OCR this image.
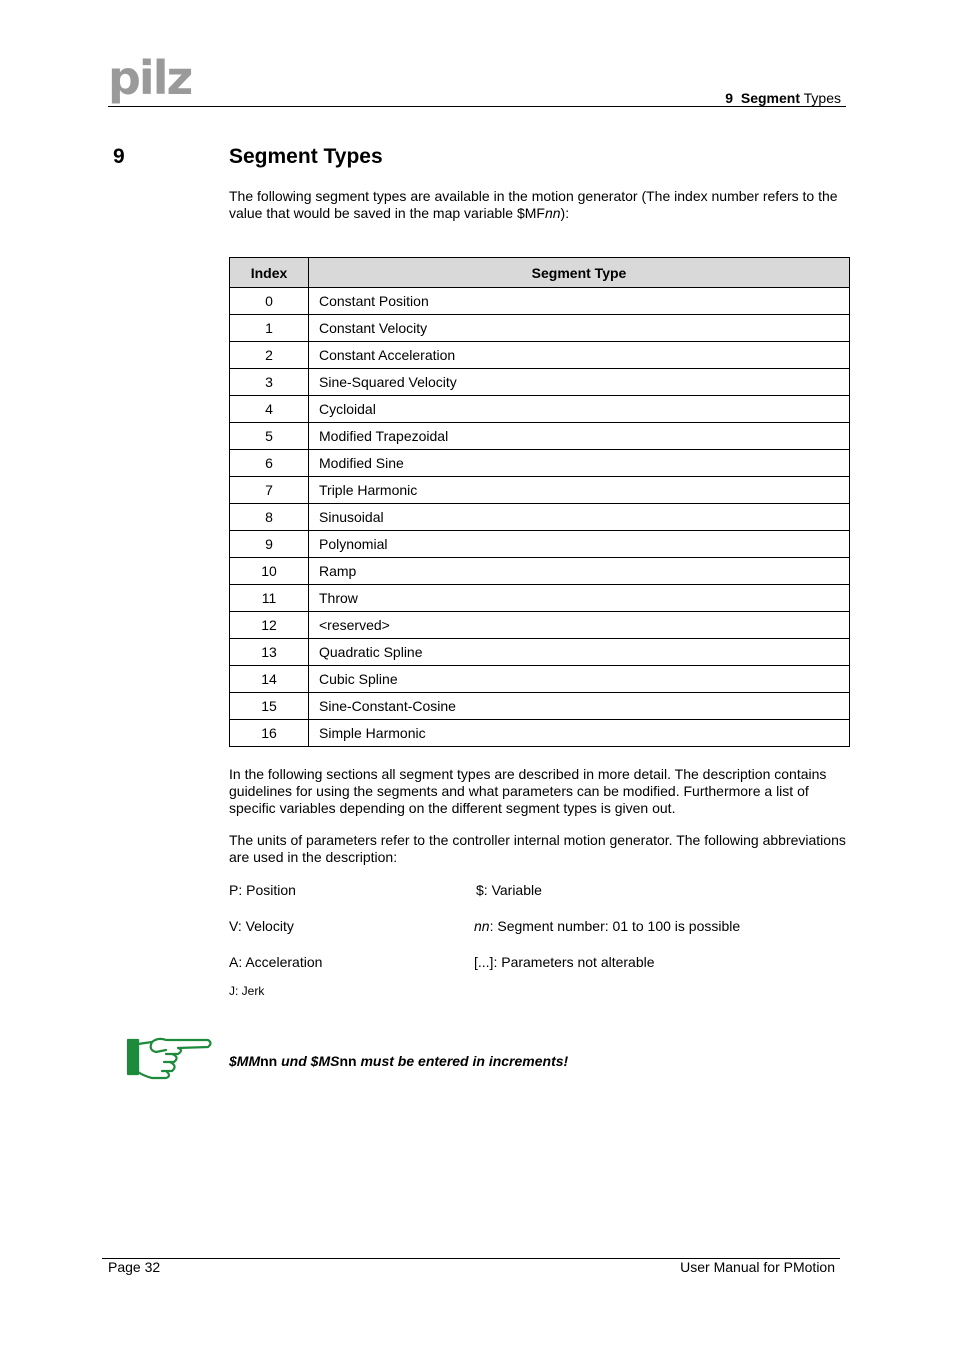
pilz	9 Segment Types
9	Segment Types
The following segment types are available in the motion generator (The index number refers to the value that would be saved in the map variable $MFnn):
Index	Segment Type
0	Constant Position
1	Constant Velocity
2	Constant Acceleration
3	Sine-Squared Velocity
4	Cycloidal
5	Modified Trapezoidal
6	Modified Sine
7	Triple Harmonic
8	Sinusoidal
9	Polynomial
10	Ramp
11	Throw
12	<reserved>
13	Quadratic Spline
14	Cubic Spline
15	Sine-Constant-Cosine
16	Simple Harmonic
In the following sections all segment types are described in more detail. The description contains guidelines for using the segments and what parameters can be modified. Furthermore a list of specific variables depending on the different segment types is given out.
The units of parameters refer to the controller internal motion generator. The following abbreviations are used in the description:
P: Position	$: Variable
V: Velocity	nn: Segment number: 01 to 100 is possible
A: Acceleration	[...]: Parameters not alterable
J: Jerk
$MMnn und $MSnn must be entered in increments!
Page 32	User Manual for PMotion
